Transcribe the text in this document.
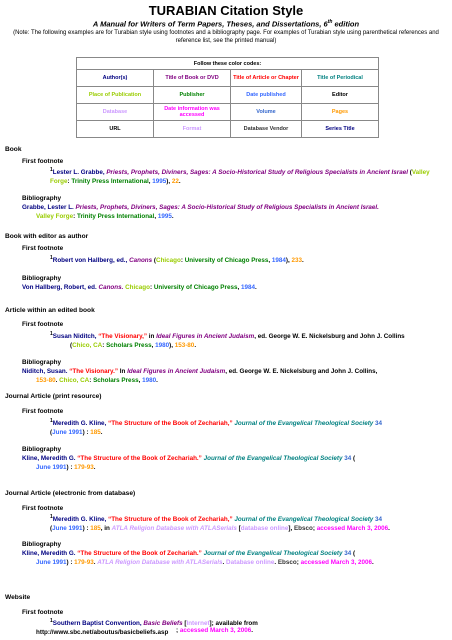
TURABIAN Citation Style
A Manual for Writers of Term Papers, Theses, and Dissertations, 6th edition
(Note: The following examples are for Turabian style using footnotes and a bibliography page. For examples of Turabian style using parenthetical references and reference list, see the printed manual)
Follow these color codes:			
Author(s)	Title of Book or DVD	Title of Article or Chapter	Title of Periodical
Place of Publication	Publisher	Date published	Editor
Database	Date information was accessed	Volume	Pages
URL	Format	Database Vendor	Series Title
Book
First footnote
$^1$Lester L. Grabbe, Priests, Prophets, Diviners, Sages: A Socio-Historical Study of Religious Specialists in Ancient Israel (Valley Forge: Trinity Press International, 1995), 22.
Bibliography
Grabbe, Lester L. Priests, Prophets, Diviners, Sages: A Socio-Historical Study of Religious Specialists in Ancient Israel.
Valley Forge: Trinity Press International, 1995.
Book with editor as author
First footnote
$^1$Robert von Hallberg, ed., Canons (Chicago: University of Chicago Press, 1984), 233.
Bibliography
Von Hallberg, Robert, ed. Canons. Chicago: University of Chicago Press, 1984.
Article within an edited book
First footnote
$^1$Susan Niditch, “The Visionary,” in Ideal Figures in Ancient Judaism, ed. George W. E. Nickelsburg and John J. Collins
(Chico, CA: Scholars Press, 1980), 153-80.
Bibliography
Niditch, Susan. “The Visionary.” In Ideal Figures in Ancient Judaism, ed. George W. E. Nickelsburg and John J. Collins,
153-80. Chico, CA: Scholars Press, 1980.
Journal Article (print resource)
First footnote
$^1$Meredith G. Kline, “The Structure of the Book of Zechariah,” Journal of the Evangelical Theological Society 34
(June 1991) : 185.
Bibliography
Kline, Meredith G. “The Structure of the Book of Zechariah.” Journal of the Evangelical Theological Society 34 (
June 1991) : 179-93.
Journal Article (electronic from database)
First footnote
$^1$Meredith G. Kline, “The Structure of the Book of Zechariah,” Journal of the Evangelical Theological Society 34
(June 1991) : 185, in ATLA Religion Database with ATLASerials [database online], Ebsco; accessed March 3, 2006.
Bibliography
Kline, Meredith G. “The Structure of the Book of Zechariah.” Journal of the Evangelical Theological Society 34 (
June 1991) : 179-93. ATLA Religion Database with ATLASerials. Database online. Ebsco; accessed March 3, 2006.
Website
First footnote
$^1$Southern Baptist Convention, Basic Beliefs [Internet]; available from
http://www.sbc.net/aboutus/basicbeliefs.asp	; accessed March 3, 2006.
